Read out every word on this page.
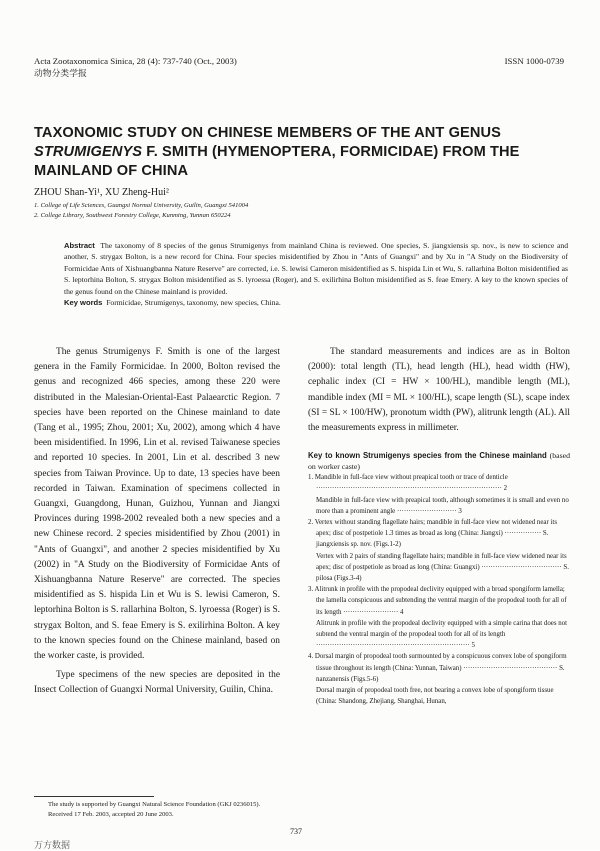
Acta Zootaxonomica Sinica, 28 (4): 737-740 (Oct., 2003)
动物分类学报
ISSN 1000-0739
TAXONOMIC STUDY ON CHINESE MEMBERS OF THE ANT GENUS
STRUMIGENYS F. SMITH (HYMENOPTERA, FORMICIDAE) FROM THE
MAINLAND OF CHINA
ZHOU Shan-Yi¹, XU Zheng-Hui²
1. College of Life Sciences, Guangxi Normal University, Guilin, Guangxi 541004
2. College Library, Southwest Forestry College, Kunming, Yunnan 650224
Abstract The taxonomy of 8 species of the genus Strumigenys from mainland China is reviewed. One species, S. jiangxiensis sp. nov., is new to science and another, S. strygax Bolton, is a new record for China. Four species misidentified by Zhou in "Ants of Guangxi" and by Xu in "A Study on the Biodiversity of Formicidae Ants of Xishuangbanna Nature Reserve" are corrected, i.e. S. lewisi Cameron misidentified as S. hispida Lin et Wu, S. rallarhina Bolton misidentified as S. leptorhina Bolton, S. strygax Bolton misidentified as S. lyroessa (Roger), and S. exilirhina Bolton misidentified as S. feae Emery. A key to the known species of the genus found on the Chinese mainland is provided.
Key words Formicidae, Strumigenys, taxonomy, new species, China.

The genus Strumigenys F. Smith is one of the largest genera in the Family Formicidae. In 2000, Bolton revised the genus and recognized 466 species, among these 220 were distributed in the Malesian-Oriental-East Palaearctic Region. 7 species have been reported on the Chinese mainland to date (Tang et al., 1995; Zhou, 2001; Xu, 2002), among which 4 have been misidentified. In 1996, Lin et al. revised Taiwanese species and reported 10 species. In 2001, Lin et al. described 3 new species from Taiwan Province. Up to date, 13 species have been recorded in Taiwan. Examination of specimens collected in Guangxi, Guangdong, Hunan, Guizhou, Yunnan and Jiangxi Provinces during 1998-2002 revealed both a new species and a new Chinese record. 2 species misidentified by Zhou (2001) in "Ants of Guangxi", and another 2 species misidentified by Xu (2002) in "A Study on the Biodiversity of Formicidae Ants of Xishuangbanna Nature Reserve" are corrected. The species misidentified as S. hispida Lin et Wu is S. lewisi Cameron, S. leptorhina Bolton is S. rallarhina Bolton, S. lyroessa (Roger) is S. strygax Bolton, and S. feae Emery is S. exilirhina Bolton. A key to the known species found on the Chinese mainland, based on the worker caste, is provided.

Type specimens of the new species are deposited in the Insect Collection of Guangxi Normal University, Guilin, China.

The standard measurements and indices are as in Bolton (2000): total length (TL), head length (HL), head width (HW), cephalic index (CI = HW × 100/HL), mandible length (ML), mandible index (MI = ML × 100/HL), scape length (SL), scape index (SI = SL × 100/HW), pronotum width (PW), alitrunk length (AL). All the measurements express in millimeter.

Key to known Strumigenys species from the Chinese mainland (based on worker caste)
1. Mandible in full-face view without preapical tooth or trace of denticle ················································································· 2
Mandible in full-face view with preapical tooth, although sometimes it is small and even no more than a prominent angle ·························· 3
2. Vertex without standing flagellate hairs; mandible in full-face view not widened near its apex; disc of postpetiole 1.3 times as broad as long (China: Jiangxi) ················ S. jiangxiensis sp. nov. (Figs.1-2)
Vertex with 2 pairs of standing flagellate hairs; mandible in full-face view widened near its apex; disc of postpetiole as broad as long (China: Guangxi) ··································· S. pilosa (Figs.3-4)
3. Alitrunk in profile with the propodeal declivity equipped with a broad spongiform lamella; the lamella conspicuous and subtending the ventral margin of the propodeal tooth for all of its length ························ 4
Alitrunk in profile with the propodeal declivity equipped with a simple carina that does not subtend the ventral margin of the propodeal tooth for all of its length ··································································· 5
4. Dorsal margin of propodeal tooth surmounted by a conspicuous convex lobe of spongiform tissue throughout its length (China: Yunnan, Taiwan) ········································· S. nanzanensis (Figs.5-6)
Dorsal margin of propodeal tooth free, not bearing a convex lobe of spongiform tissue (China: Shandong, Zhejiang, Shanghai, Hunan,
The study is supported by Guangxi Natural Science Foundation (GKJ 0236015).
Received 17 Feb. 2003, accepted 20 June 2003.
737
万方数据
